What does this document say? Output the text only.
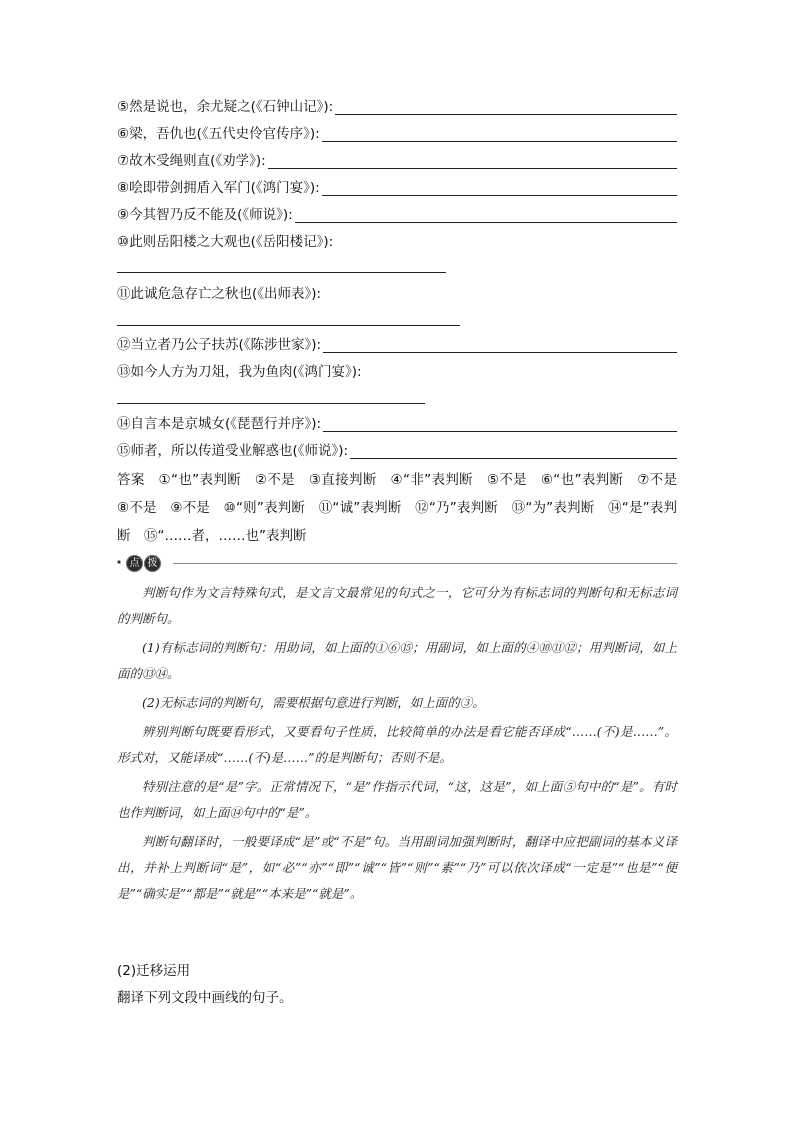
⑤然是说也，余尤疑之(《石钟山记》):
⑥梁，吾仇也(《五代史伶官传序》):
⑦故木受绳则直(《劝学》):
⑧哙即带剑拥盾入军门(《鸿门宴》):
⑨今其智乃反不能及(《师说》):
⑩此则岳阳楼之大观也(《岳阳楼记》):
⑪此诚危急存亡之秋也(《出师表》):
⑫当立者乃公子扶苏(《陈涉世家》):
⑬如今人方为刀俎，我为鱼肉(《鸿门宴》):
⑭自言本是京城女(《琵琶行并序》):
⑮师者，所以传道受业解惑也(《师说》):
答案　①“也”表判断　②不是　③直接判断　④“非”表判断　⑤不是　⑥“也”表判断　⑦不是　⑧不是　⑨不是　⑩“则”表判断　⑪“诚”表判断　⑫“乃”表判断　⑬“为”表判断　⑭“是”表判断　⑮“……者，……也”表判断
点 拨

判断句作为文言特殊句式，是文言文最常见的句式之一，它可分为有标志词的判断句和无标志词的判断句。

(1)有标志词的判断句：用助词，如上面的①⑥⑮；用副词，如上面的④⑩⑪⑫；用判断词，如上面的⑬⑭。

(2)无标志词的判断句，需要根据句意进行判断，如上面的③。

辨别判断句既要看形式，又要看句子性质，比较简单的办法是看它能否译成“……(不)是……”。形式对，又能译成“……(不)是……”的是判断句；否则不是。

特别注意的是“是”字。正常情况下，“是”作指示代词，“这，这是”，如上面⑤句中的“是”。有时也作判断词，如上面⑭句中的“是”。

判断句翻译时，一般要译成“是”或“不是”句。当用副词加强判断时，翻译中应把副词的基本义译出，并补上判断词“是”，如“必”“亦”“即”“诚”“皆”“则”“素”“乃”可以依次译成“一定是”“也是”“便是”“确实是”“都是”“就是”“本来是”“就是”。

(2)迁移运用
翻译下列文段中画线的句子。
